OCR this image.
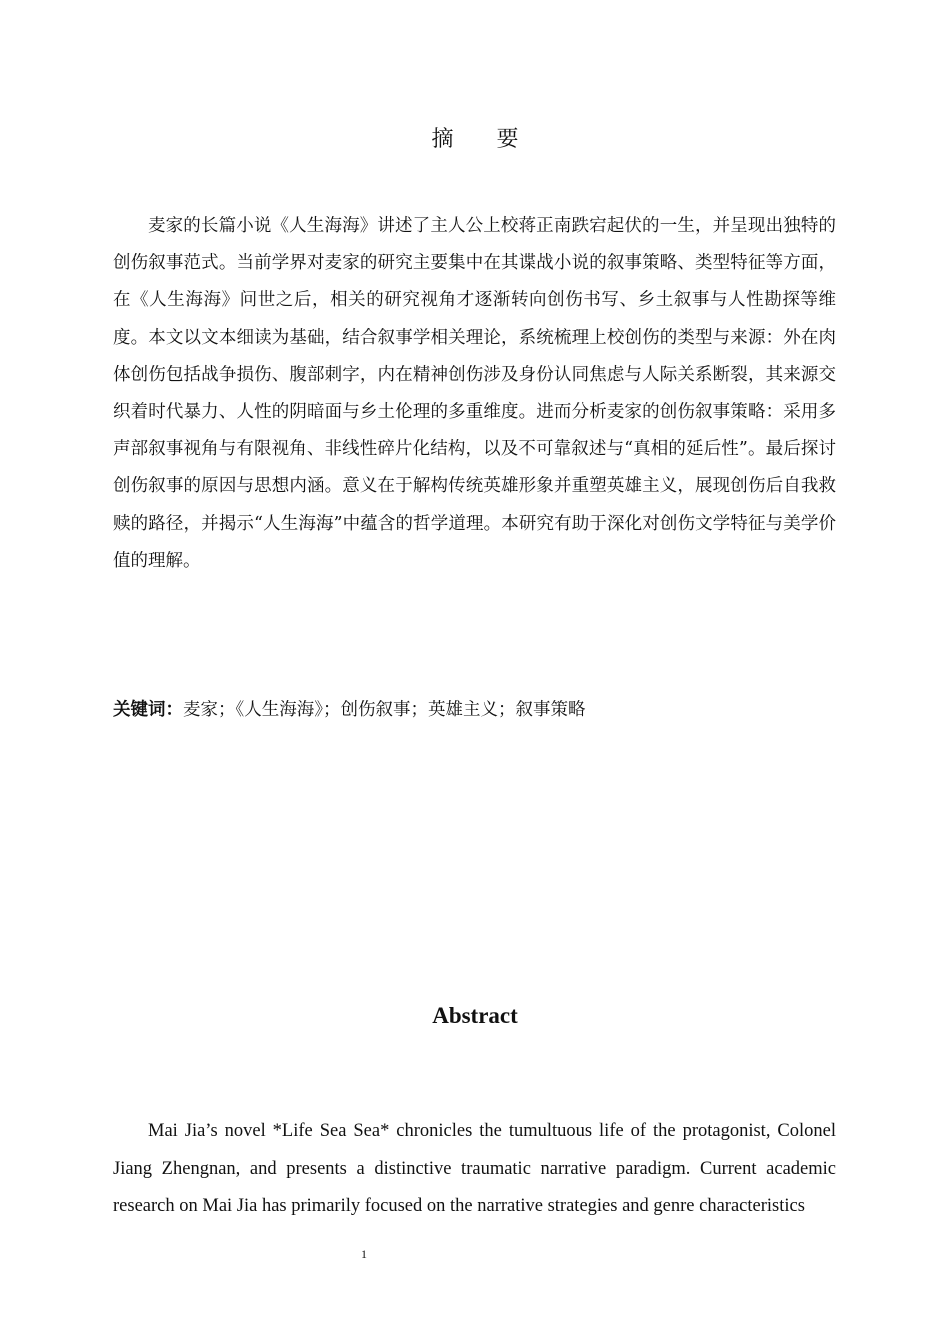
摘 要

麦家的长篇小说《人生海海》讲述了主人公上校蒋正南跌宕起伏的一生，并呈现出独特的创伤叙事范式。当前学界对麦家的研究主要集中在其谍战小说的叙事策略、类型特征等方面，在《人生海海》问世之后，相关的研究视角才逐渐转向创伤书写、乡土叙事与人性勘探等维度。本文以文本细读为基础，结合叙事学相关理论，系统梳理上校创伤的类型与来源：外在肉体创伤包括战争损伤、腹部刺字，内在精神创伤涉及身份认同焦虑与人际关系断裂，其来源交织着时代暴力、人性的阴暗面与乡土伦理的多重维度。进而分析麦家的创伤叙事策略：采用多声部叙事视角与有限视角、非线性碎片化结构，以及不可靠叙述与“真相的延后性”。最后探讨创伤叙事的原因与思想内涵。意义在于解构传统英雄形象并重塑英雄主义，展现创伤后自我救赎的路径，并揭示“人生海海”中蕴含的哲学道理。本研究有助于深化对创伤文学特征与美学价值的理解。

关键词：麦家；《人生海海》；创伤叙事；英雄主义；叙事策略

Abstract

Mai Jia’s novel *Life Sea Sea* chronicles the tumultuous life of the protagonist, Colonel Jiang Zhengnan, and presents a distinctive traumatic narrative paradigm. Current academic research on Mai Jia has primarily focused on the narrative strategies and genre characteristics

1
